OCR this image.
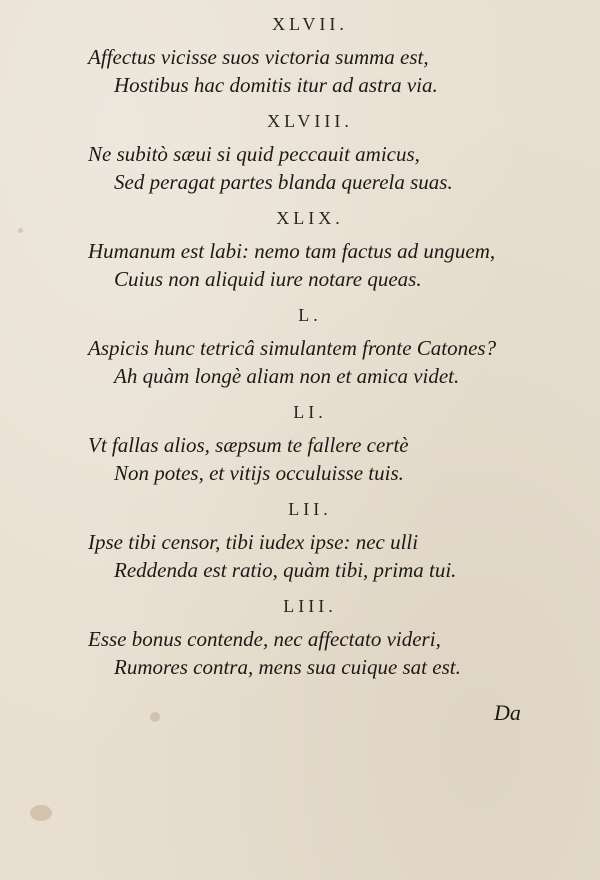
XLVII.
Affectus vicisse suos victoria summa est,
Hostibus hac domitis itur ad astra via.
XLVIII.
Ne subitò sæui si quid peccauit amicus,
Sed peragat partes blanda querela suas.
XLIX.
Humanum est labi: nemo tam factus ad unguem,
Cuius non aliquid iure notare queas.
L.
Aspicis hunc tetricâ simulantem fronte Catones?
Ah quàm longè aliam non et amica videt.
LI.
Vt fallas alios, sæpsum te fallere certè
Non potes, et vitijs occuluisse tuis.
LII.
Ipse tibi censor, tibi iudex ipse: nec ulli
Reddenda est ratio, quàm tibi, prima tui.
LIII.
Esse bonus contende, nec affectato videri,
Rumores contra, mens sua cuique sat est.
Da
